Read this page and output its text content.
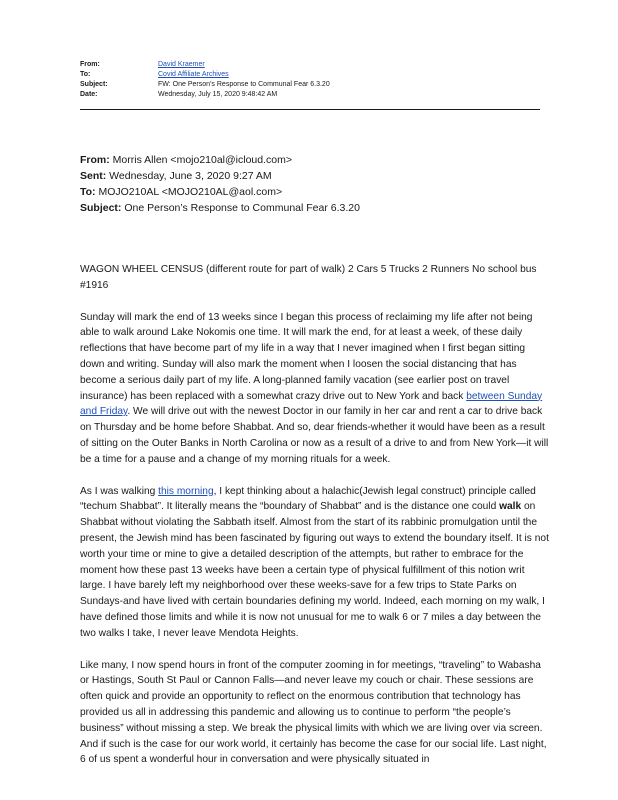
From:	David Kraemer
To:	Covid Affiliate Archives
Subject:	FW: One Person’s Response to Communal Fear 6.3.20
Date:	Wednesday, July 15, 2020 9:48:42 AM
From: Morris Allen <mojo210al@icloud.com>
Sent: Wednesday, June 3, 2020 9:27 AM
To: MOJO210AL <MOJO210AL@aol.com>
Subject: One Person’s Response to Communal Fear 6.3.20

WAGON WHEEL CENSUS (different route for part of walk) 2 Cars 5 Trucks 2 Runners No school bus #1916

Sunday will mark the end of 13 weeks since I began this process of reclaiming my life after not being able to walk around Lake Nokomis one time. It will mark the end, for at least a week, of these daily reflections that have become part of my life in a way that I never imagined when I first began sitting down and writing. Sunday will also mark the moment when I loosen the social distancing that has become a serious daily part of my life. A long-planned family vacation (see earlier post on travel insurance) has been replaced with a somewhat crazy drive out to New York and back between Sunday and Friday. We will drive out with the newest Doctor in our family in her car and rent a car to drive back on Thursday and be home before Shabbat. And so, dear friends-whether it would have been as a result of sitting on the Outer Banks in North Carolina or now as a result of a drive to and from New York—it will be a time for a pause and a change of my morning rituals for a week.

As I was walking this morning, I kept thinking about a halachic(Jewish legal construct) principle called “techum Shabbat”. It literally means the “boundary of Shabbat” and is the distance one could walk on Shabbat without violating the Sabbath itself. Almost from the start of its rabbinic promulgation until the present, the Jewish mind has been fascinated by figuring out ways to extend the boundary itself. It is not worth your time or mine to give a detailed description of the attempts, but rather to embrace for the moment how these past 13 weeks have been a certain type of physical fulfillment of this notion writ large. I have barely left my neighborhood over these weeks-save for a few trips to State Parks on Sundays-and have lived with certain boundaries defining my world. Indeed, each morning on my walk, I have defined those limits and while it is now not unusual for me to walk 6 or 7 miles a day between the two walks I take, I never leave Mendota Heights.

Like many, I now spend hours in front of the computer zooming in for meetings, “traveling” to Wabasha or Hastings, South St Paul or Cannon Falls—and never leave my couch or chair. These sessions are often quick and provide an opportunity to reflect on the enormous contribution that technology has provided us all in addressing this pandemic and allowing us to continue to perform “the people’s business” without missing a step. We break the physical limits with which we are living over via screen. And if such is the case for our work world, it certainly has become the case for our social life. Last night, 6 of us spent a wonderful hour in conversation and were physically situated in
